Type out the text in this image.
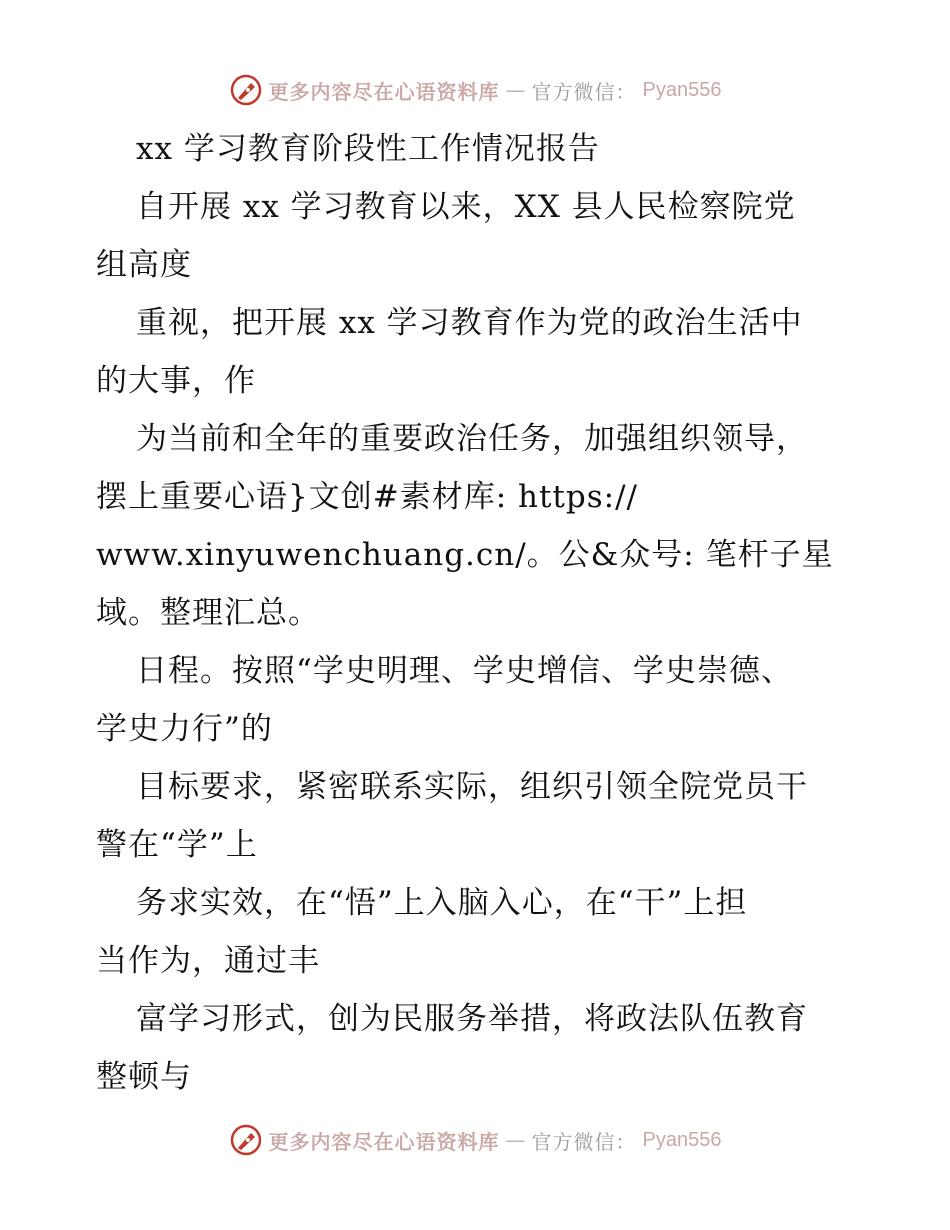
更多内容尽在心语资料库 — 官方微信： Pyan556
xx 学习教育阶段性工作情况报告
自开展 xx 学习教育以来，XX 县人民检察院党
组高度
重视，把开展 xx 学习教育作为党的政治生活中
的大事，作
为当前和全年的重要政治任务，加强组织领导，
摆上重要心语}文创#素材库: https://
www.xinyuwenchuang.cn/。公&众号: 笔杆子星
域。整理汇总。
日程。按照“学史明理、学史增信、学史崇德、
学史力行”的
目标要求，紧密联系实际，组织引领全院党员干
警在“学”上
务求实效，在“悟”上入脑入心，在“干”上担
当作为，通过丰
富学习形式，创为民服务举措，将政法队伍教育
整顿与
更多内容尽在心语资料库 — 官方微信： Pyan556
